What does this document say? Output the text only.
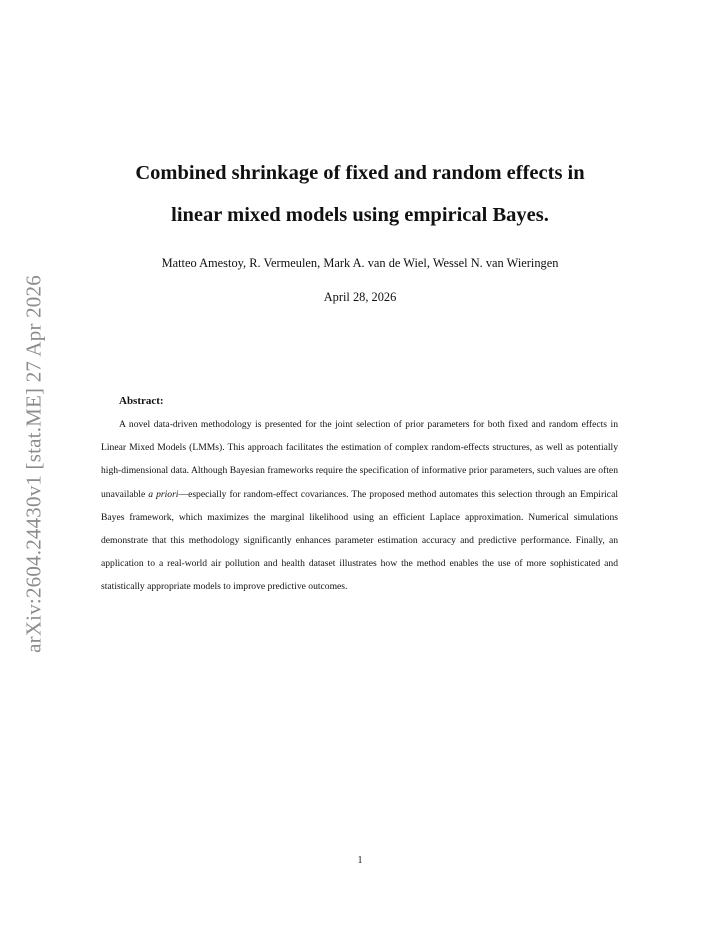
arXiv:2604.24430v1 [stat.ME] 27 Apr 2026
Combined shrinkage of fixed and random effects in
linear mixed models using empirical Bayes.
Matteo Amestoy, R. Vermeulen, Mark A. van de Wiel, Wessel N. van Wieringen
April 28, 2026
Abstract:

A novel data-driven methodology is presented for the joint selection of prior parameters for both fixed and random effects in Linear Mixed Models (LMMs). This approach facilitates the estimation of complex random-effects structures, as well as potentially high-dimensional data. Although Bayesian frameworks require the specification of informative prior parameters, such values are often unavailable a priori—especially for random-effect covariances. The proposed method automates this selection through an Empirical Bayes framework, which maximizes the marginal likelihood using an efficient Laplace approximation. Numerical simulations demonstrate that this methodology significantly enhances parameter estimation accuracy and predictive performance. Finally, an application to a real-world air pollution and health dataset illustrates how the method enables the use of more sophisticated and statistically appropriate models to improve predictive outcomes.

1
